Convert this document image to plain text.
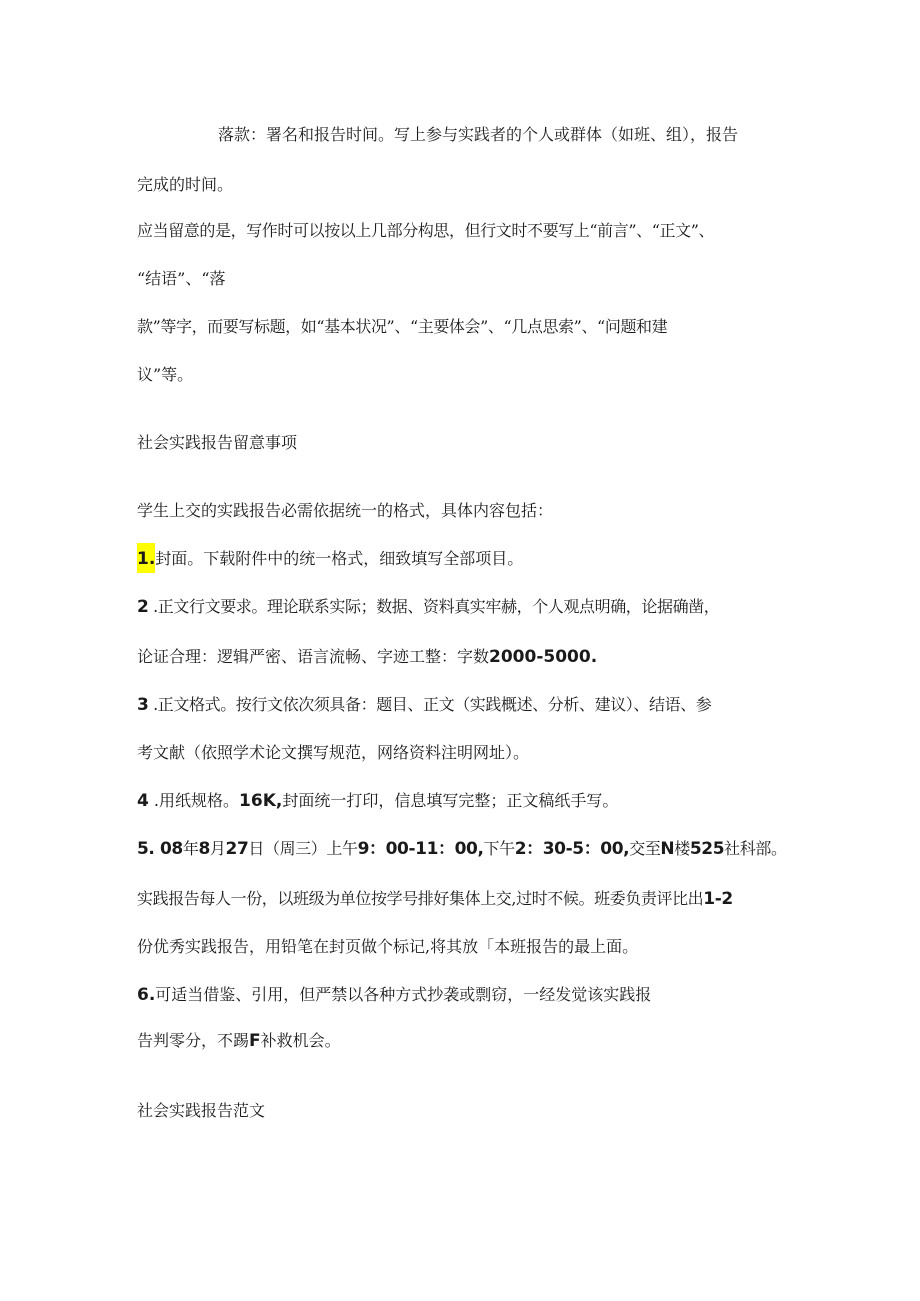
落款：署名和报告时间。写上参与实践者的个人或群体（如班、组），报告
完成的时间。
应当留意的是，写作时可以按以上几部分构思，但行文时不要写上“前言”、“正文”、
“结语”、“落
款”等字，而要写标题，如“基本状况”、“主要体会”、“几点思索”、“问题和建
议”等。
社会实践报告留意事项
学生上交的实践报告必需依据统一的格式，具体内容包括：
1.封面。下载附件中的统一格式，细致填写全部项目。
2 .正文行文要求。理论联系实际；数据、资料真实牢赫，个人观点明确，论据确凿，
论证合理：逻辑严密、语言流畅、字迹工整：字数2000-5000.
3 .正文格式。按行文依次须具备：题目、正文（实践概述、分析、建议）、结语、参
考文献（依照学术论文撰写规范，网络资料注明网址）。
4 .用纸规格。16K,封面统一打印，信息填写完整；正文稿纸手写。
5. 08年8月27日（周三）上午9：00-11：00,下午2：30-5：00,交至N楼525社科部。
实践报告每人一份，以班级为单位按学号排好集体上交,过时不候。班委负责评比出1-2
份优秀实践报告，用铅笔在封页做个标记,将其放「本班报告的最上面。
6.可适当借鉴、引用，但严禁以各种方式抄袭或剽窃，一经发觉该实践报
告判零分，不踢F补救机会。
社会实践报告范文
